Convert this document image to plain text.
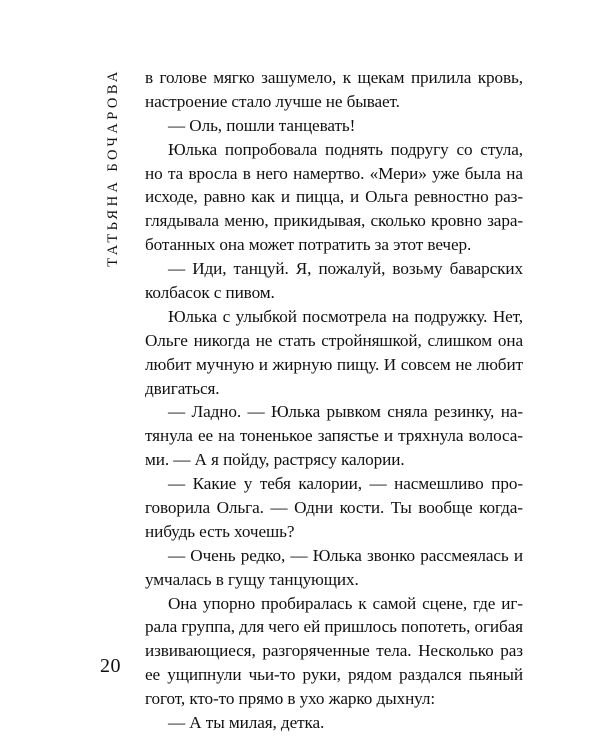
ТАТЬЯНА БОЧАРОВА в голове мягко зашумело, к щекам прилила кровь,
настроение стало лучше не бывает.
— Оль, пошли танцевать!
Юлька попробовала поднять подругу со стула,
но та вросла в него намертво. «Мери» уже была на
исходе, равно как и пицца, и Ольга ревностно раз-
глядывала меню, прикидывая, сколько кровно зара-
ботанных она может потратить за этот вечер.
— Иди, танцуй. Я, пожалуй, возьму баварских
колбасок с пивом.
Юлька с улыбкой посмотрела на подружку. Нет,
Ольге никогда не стать стройняшкой, слишком она
любит мучную и жирную пищу. И совсем не любит
двигаться.
— Ладно. — Юлька рывком сняла резинку, на-
тянула ее на тоненькое запястье и тряхнула волоса-
ми. — А я пойду, растрясу калории.
— Какие у тебя калории, — насмешливо про-
говорила Ольга. — Одни кости. Ты вообще когда-
нибудь есть хочешь?
— Очень редко, — Юлька звонко рассмеялась и
умчалась в гущу танцующих.
Она упорно пробиралась к самой сцене, где иг-
рала группа, для чего ей пришлось попотеть, огибая
извивающиеся, разгоряченные тела. Несколько раз
ее ущипнули чьи-то руки, рядом раздался пьяный
гогот, кто-то прямо в ухо жарко дыхнул:
— А ты милая, детка.
20
